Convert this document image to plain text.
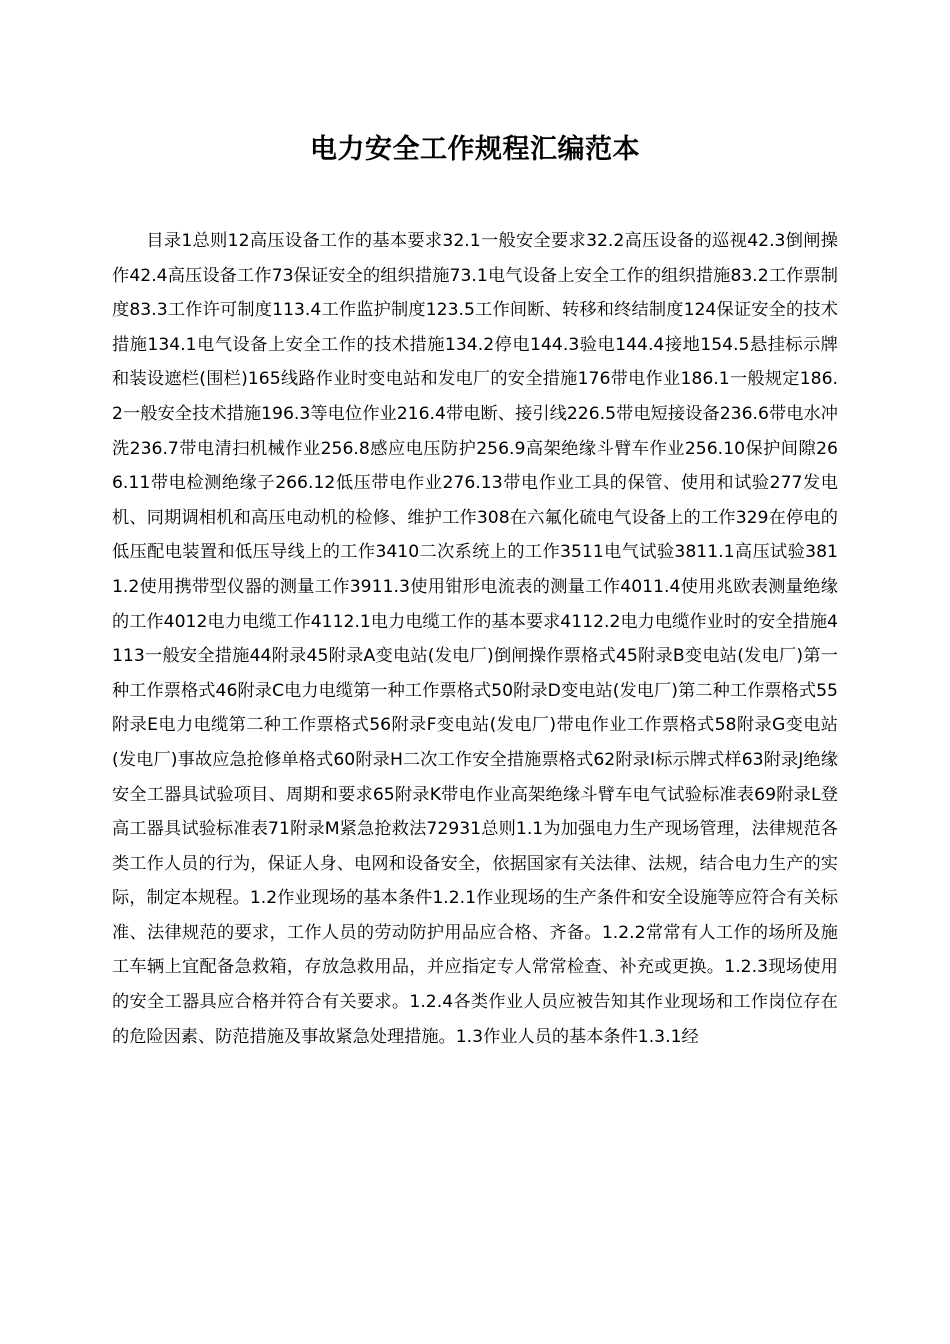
电力安全工作规程汇编范本

目录1总则12高压设备工作的基本要求32.1一般安全要求32.2高压设备的巡视42.3倒闸操作42.4高压设备工作73保证安全的组织措施73.1电气设备上安全工作的组织措施83.2工作票制度83.3工作许可制度113.4工作监护制度123.5工作间断、转移和终结制度124保证安全的技术措施134.1电气设备上安全工作的技术措施134.2停电144.3验电144.4接地154.5悬挂标示牌和装设遮栏(围栏)165线路作业时变电站和发电厂的安全措施176带电作业186.1一般规定186.2一般安全技术措施196.3等电位作业216.4带电断、接引线226.5带电短接设备236.6带电水冲洗236.7带电清扫机械作业256.8感应电压防护256.9高架绝缘斗臂车作业256.10保护间隙266.11带电检测绝缘子266.12低压带电作业276.13带电作业工具的保管、使用和试验277发电机、同期调相机和高压电动机的检修、维护工作308在六氟化硫电气设备上的工作329在停电的低压配电装置和低压导线上的工作3410二次系统上的工作3511电气试验3811.1高压试验3811.2使用携带型仪器的测量工作3911.3使用钳形电流表的测量工作4011.4使用兆欧表测量绝缘的工作4012电力电缆工作4112.1电力电缆工作的基本要求4112.2电力电缆作业时的安全措施4113一般安全措施44附录45附录A变电站(发电厂)倒闸操作票格式45附录B变电站(发电厂)第一种工作票格式46附录C电力电缆第一种工作票格式50附录D变电站(发电厂)第二种工作票格式55附录E电力电缆第二种工作票格式56附录F变电站(发电厂)带电作业工作票格式58附录G变电站(发电厂)事故应急抢修单格式60附录H二次工作安全措施票格式62附录I标示牌式样63附录J绝缘安全工器具试验项目、周期和要求65附录K带电作业高架绝缘斗臂车电气试验标准表69附录L登高工器具试验标准表71附录M紧急抢救法72931总则1.1为加强电力生产现场管理，法律规范各类工作人员的行为，保证人身、电网和设备安全，依据国家有关法律、法规，结合电力生产的实际，制定本规程。1.2作业现场的基本条件1.2.1作业现场的生产条件和安全设施等应符合有关标准、法律规范的要求，工作人员的劳动防护用品应合格、齐备。1.2.2常常有人工作的场所及施工车辆上宜配备急救箱，存放急救用品，并应指定专人常常检查、补充或更换。1.2.3现场使用的安全工器具应合格并符合有关要求。1.2.4各类作业人员应被告知其作业现场和工作岗位存在的危险因素、防范措施及事故紧急处理措施。1.3作业人员的基本条件1.3.1经
